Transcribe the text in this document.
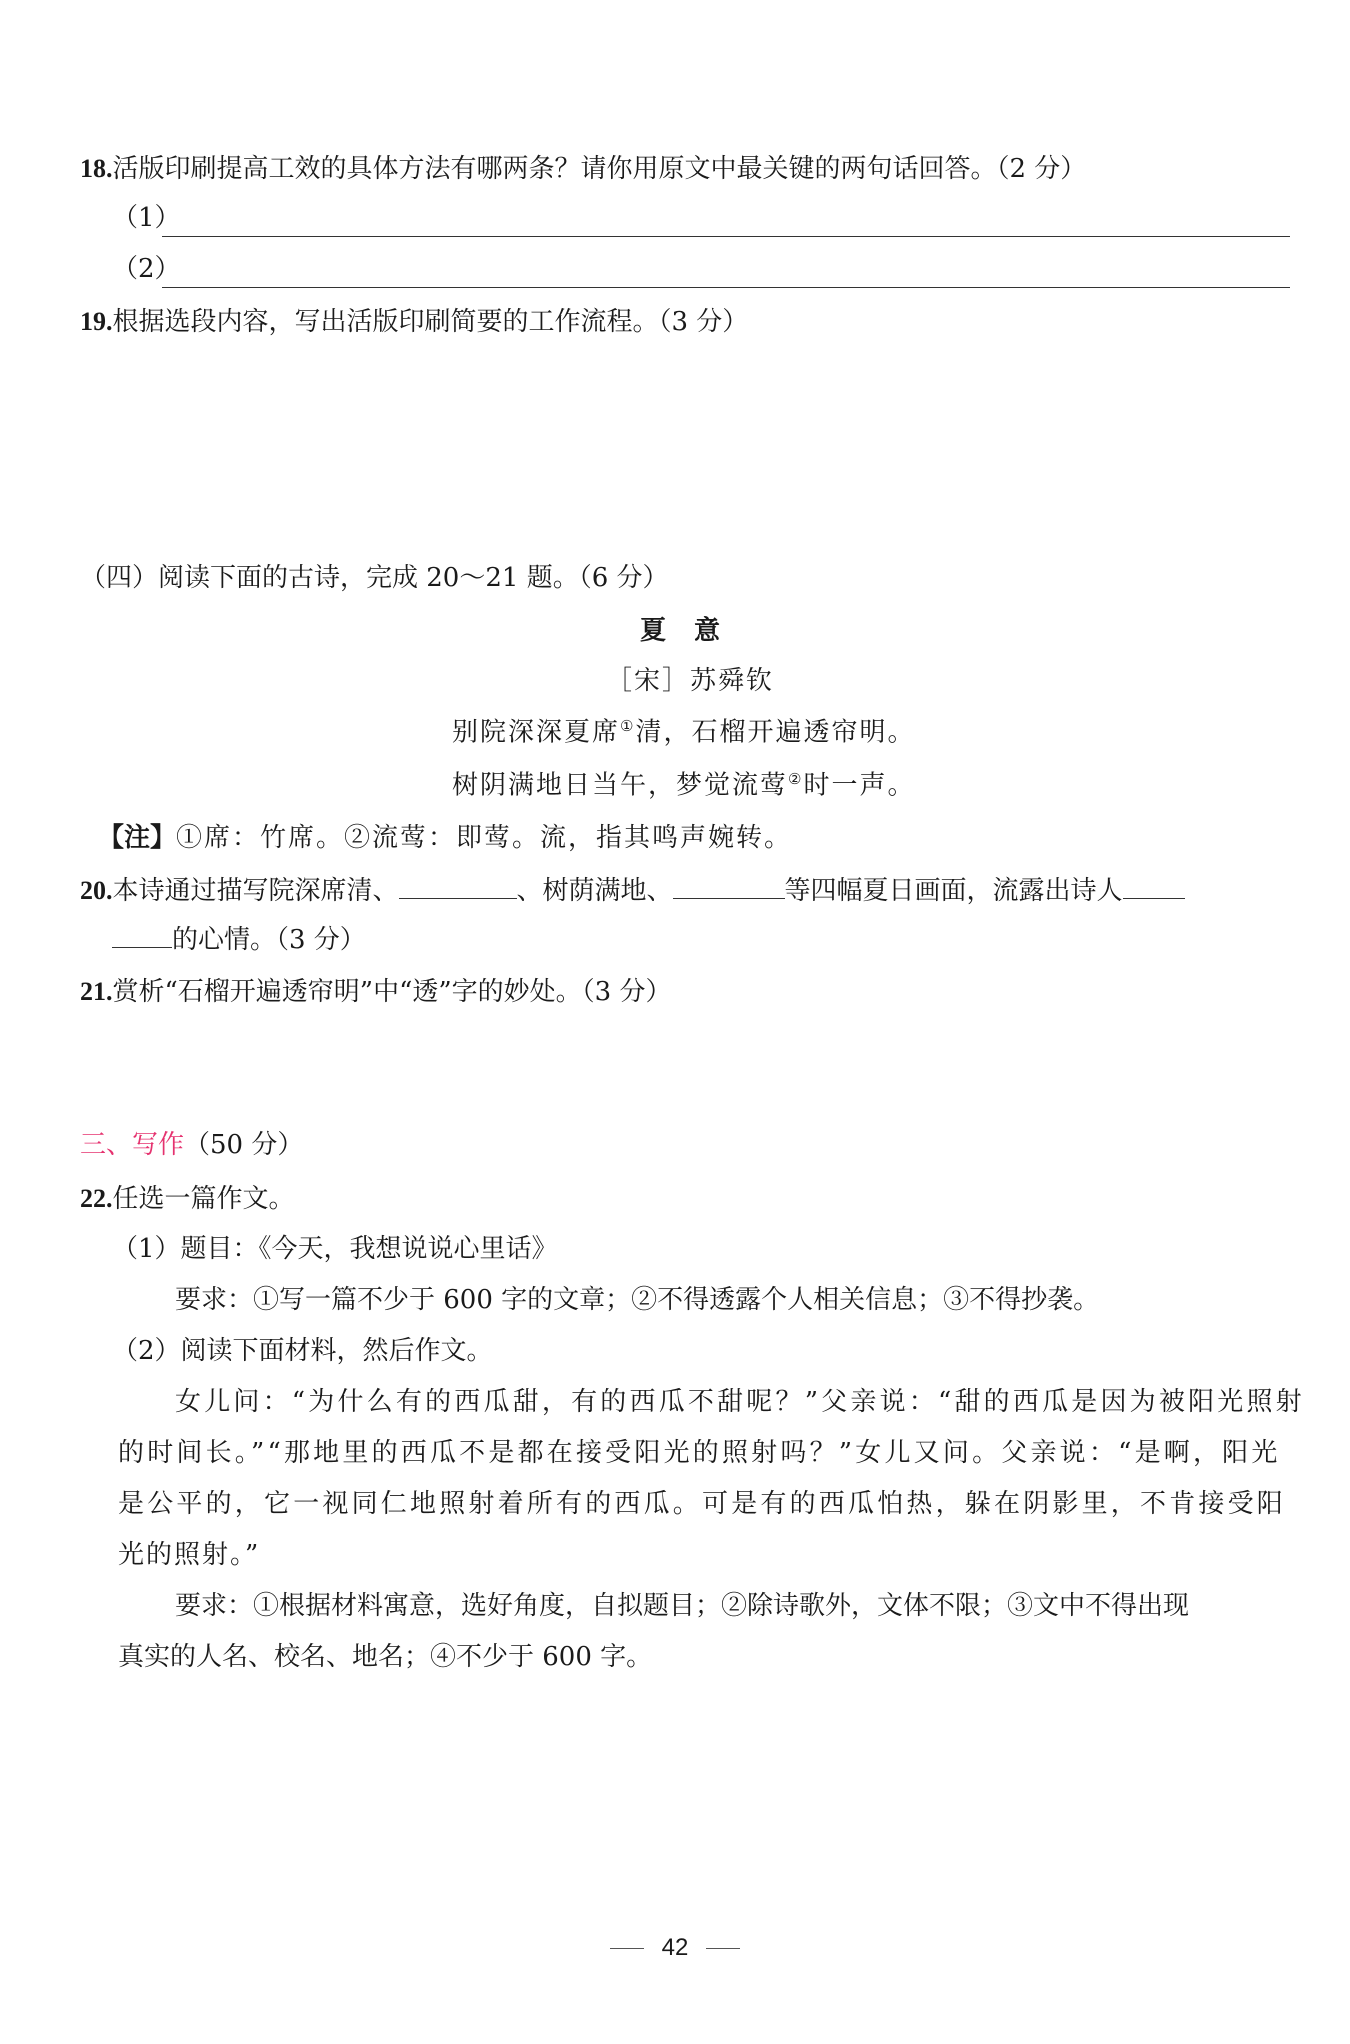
18.活版印刷提高工效的具体方法有哪两条？请你用原文中最关键的两句话回答。（2 分）
（1）
（2）
19.根据选段内容，写出活版印刷简要的工作流程。（3 分）
（四）阅读下面的古诗，完成 20～21 题。（6 分）
夏意
［宋］苏舜钦
别院深深夏席①清，石榴开遍透帘明。
树阴满地日当午，梦觉流莺②时一声。
【注】①席：竹席。②流莺：即莺。流，指其鸣声婉转。
20.本诗通过描写院深席清、	、树荫满地、	等四幅夏日画面，流露出诗人
的心情。（3 分）
21.赏析“石榴开遍透帘明”中“透”字的妙处。（3 分）
三、写作（50 分）
22.任选一篇作文。
（1）题目：《今天，我想说说心里话》
要求：①写一篇不少于 600 字的文章；②不得透露个人相关信息；③不得抄袭。
（2）阅读下面材料，然后作文。
女儿问：“为什么有的西瓜甜，有的西瓜不甜呢？”父亲说：“甜的西瓜是因为被阳光照射
的时间长。”“那地里的西瓜不是都在接受阳光的照射吗？”女儿又问。父亲说：“是啊，阳光
是公平的，它一视同仁地照射着所有的西瓜。可是有的西瓜怕热，躲在阴影里，不肯接受阳
光的照射。”
要求：①根据材料寓意，选好角度，自拟题目；②除诗歌外，文体不限；③文中不得出现
真实的人名、校名、地名；④不少于 600 字。
42
